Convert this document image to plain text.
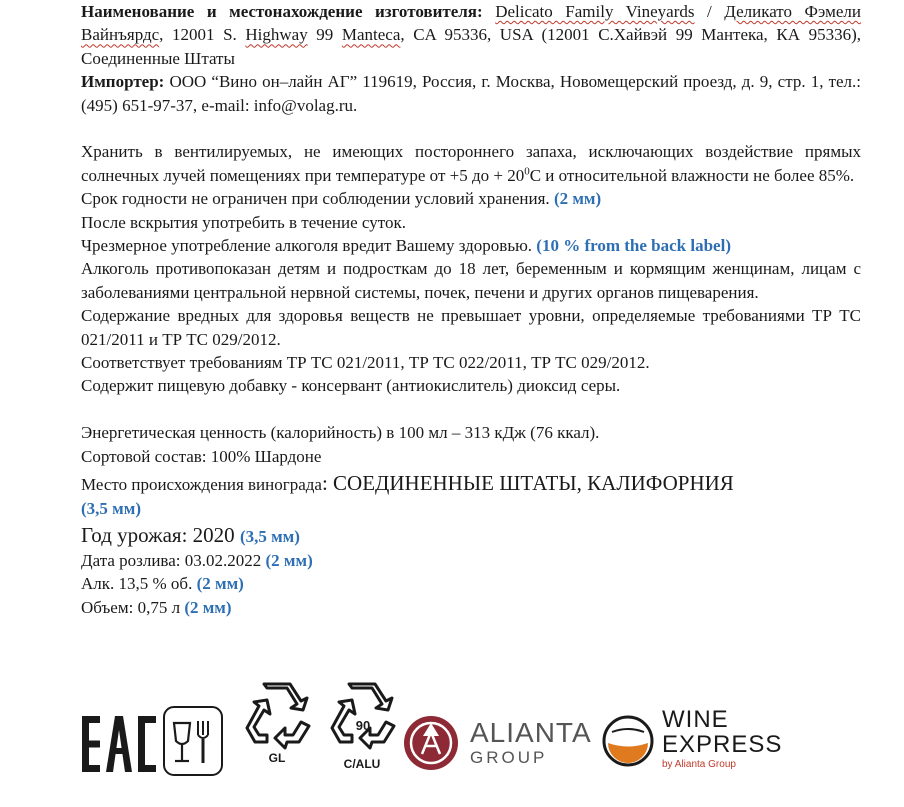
Наименование и местонахождение изготовителя: Delicato Family Vineyards / Деликато Фэмели Вайнъярдс, 12001 S. Highway 99 Manteca, CA 95336, USA (12001 С.Хайвэй 99 Мантека, КА 95336), Соединенные Штаты

Импортер: ООО “Вино он–лайн АГ” 119619, Россия, г. Москва, Новомещерский проезд, д. 9, стр. 1, тел.: (495) 651-97-37, e-mail: info@volag.ru.

Хранить в вентилируемых, не имеющих постороннего запаха, исключающих воздействие прямых солнечных лучей помещениях при температуре от +5 до + $20^0С$ и относительной влажности не более 85%.

Срок годности не ограничен при соблюдении условий хранения. (2 мм)

После вскрытия употребить в течение суток.

Чрезмерное употребление алкоголя вредит Вашему здоровью. (10 % from the back label)

Алкоголь противопоказан детям и подросткам до 18 лет, беременным и кормящим женщинам, лицам с заболеваниями центральной нервной системы, почек, печени и других органов пищеварения.

Содержание вредных для здоровья веществ не превышает уровни, определяемые требованиями ТР ТС 021/2011 и ТР ТС 029/2012.

Соответствует требованиям ТР ТС 021/2011, ТР ТС 022/2011, ТР ТС 029/2012.

Содержит пищевую добавку - консервант (антиокислитель) диоксид серы.

Энергетическая ценность (калорийность) в 100 мл – 313 кДж (76 ккал).

Сортовой состав: 100% Шардоне

Место происхождения винограда: СОЕДИНЕННЫЕ ШТАТЫ, КАЛИФОРНИЯ

(3,5 мм)

Год урожая: 2020 (3,5 мм)

Дата розлива: 03.02.2022 (2 мм)

Алк. 13,5 % об. (2 мм)

Объем: 0,75 л (2 мм)

GL
90
C/ALU
ALIANTA
GROUP
WINE
EXPRESS
by Alianta Group
